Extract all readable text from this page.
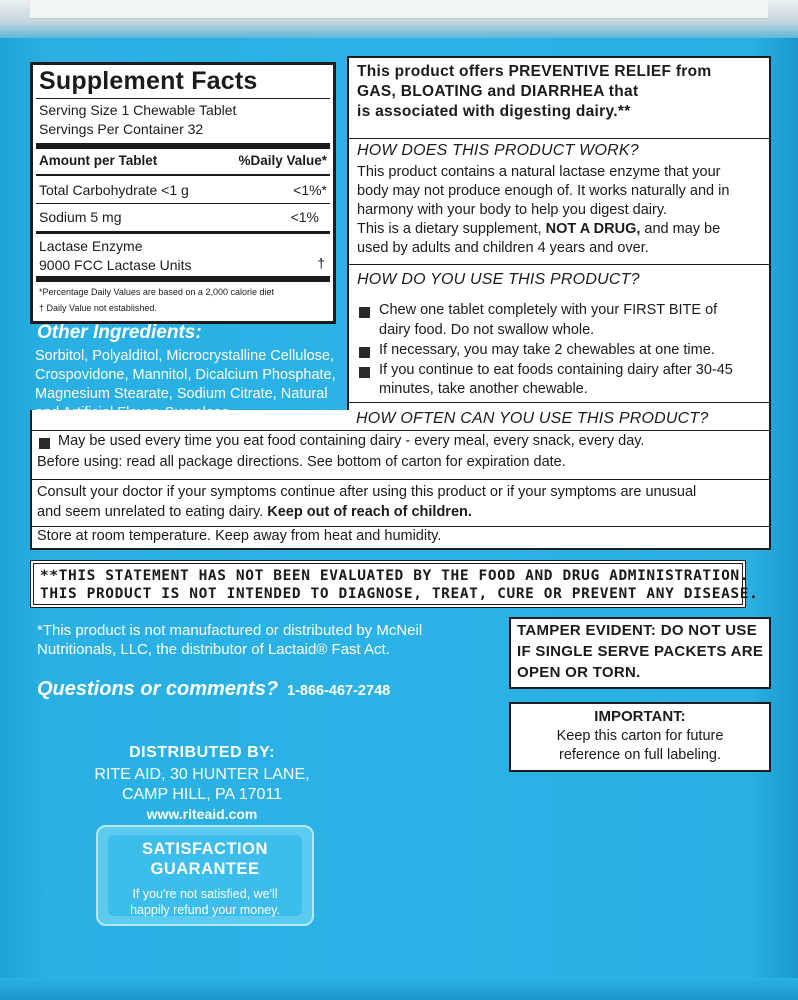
Supplement Facts
Serving Size 1 Chewable Tablet
Servings Per Container 32
Amount per Tablet	%Daily Value*
Total Carbohydrate <1 g	<1%*
Sodium 5 mg	<1%
Lactase Enzyme
9000 FCC Lactase Units	†
*Percentage Daily Values are based on a 2,000 calorie diet
† Daily Value not established.
Other Ingredients:
Sorbitol, Polyalditol, Microcrystalline Cellulose,
Crospovidone, Mannitol, Dicalcium Phosphate,
Magnesium Stearate, Sodium Citrate, Natural
This product offers PREVENTIVE RELIEF from
GAS, BLOATING and DIARRHEA that
is associated with digesting dairy.**
HOW DOES THIS PRODUCT WORK?
This product contains a natural lactase enzyme that your
body may not produce enough of. It works naturally and in
harmony with your body to help you digest dairy.
This is a dietary supplement, NOT A DRUG, and may be
used by adults and children 4 years and over.
HOW DO YOU USE THIS PRODUCT?
Chew one tablet completely with your FIRST BITE of
dairy food. Do not swallow whole.
If necessary, you may take 2 chewables at one time.
If you continue to eat foods containing dairy after 30-45
minutes, take another chewable.
HOW OFTEN CAN YOU USE THIS PRODUCT?
May be used every time you eat food containing dairy - every meal, every snack, every day.
Before using: read all package directions. See bottom of carton for expiration date.
Consult your doctor if your symptoms continue after using this product or if your symptoms are unusual
and seem unrelated to eating dairy. Keep out of reach of children.
Store at room temperature. Keep away from heat and humidity.
**THIS STATEMENT HAS NOT BEEN EVALUATED BY THE FOOD AND DRUG ADMINISTRATION.
THIS PRODUCT IS NOT INTENDED TO DIAGNOSE, TREAT, CURE OR PREVENT ANY DISEASE.
*This product is not manufactured or distributed by McNeil
Nutritionals, LLC, the distributor of Lactaid® Fast Act.
Questions or comments? 1-866-467-2748
TAMPER EVIDENT: DO NOT USE
IF SINGLE SERVE PACKETS ARE
OPEN OR TORN.
IMPORTANT:
Keep this carton for future
reference on full labeling.
DISTRIBUTED BY:
RITE AID, 30 HUNTER LANE,
CAMP HILL, PA 17011
www.riteaid.com
SATISFACTION
GUARANTEE
If you're not satisfied, we'll
happily refund your money.
